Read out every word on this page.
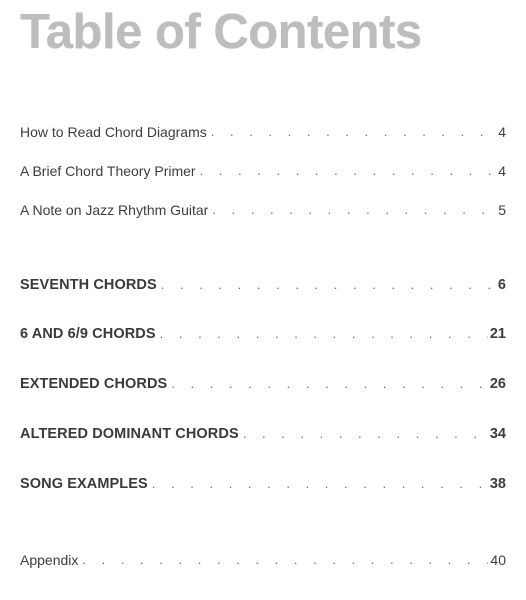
Table of Contents
How to Read Chord Diagrams . . .	4
A Brief Chord Theory Primer . . .	4
A Note on Jazz Rhythm Guitar . . .	5
SEVENTH CHORDS . . .	6
6 AND 6/9 CHORDS . . .	21
EXTENDED CHORDS . . .	26
ALTERED DOMINANT CHORDS . . .	34
SONG EXAMPLES . . .	38
Appendix . . .	40
